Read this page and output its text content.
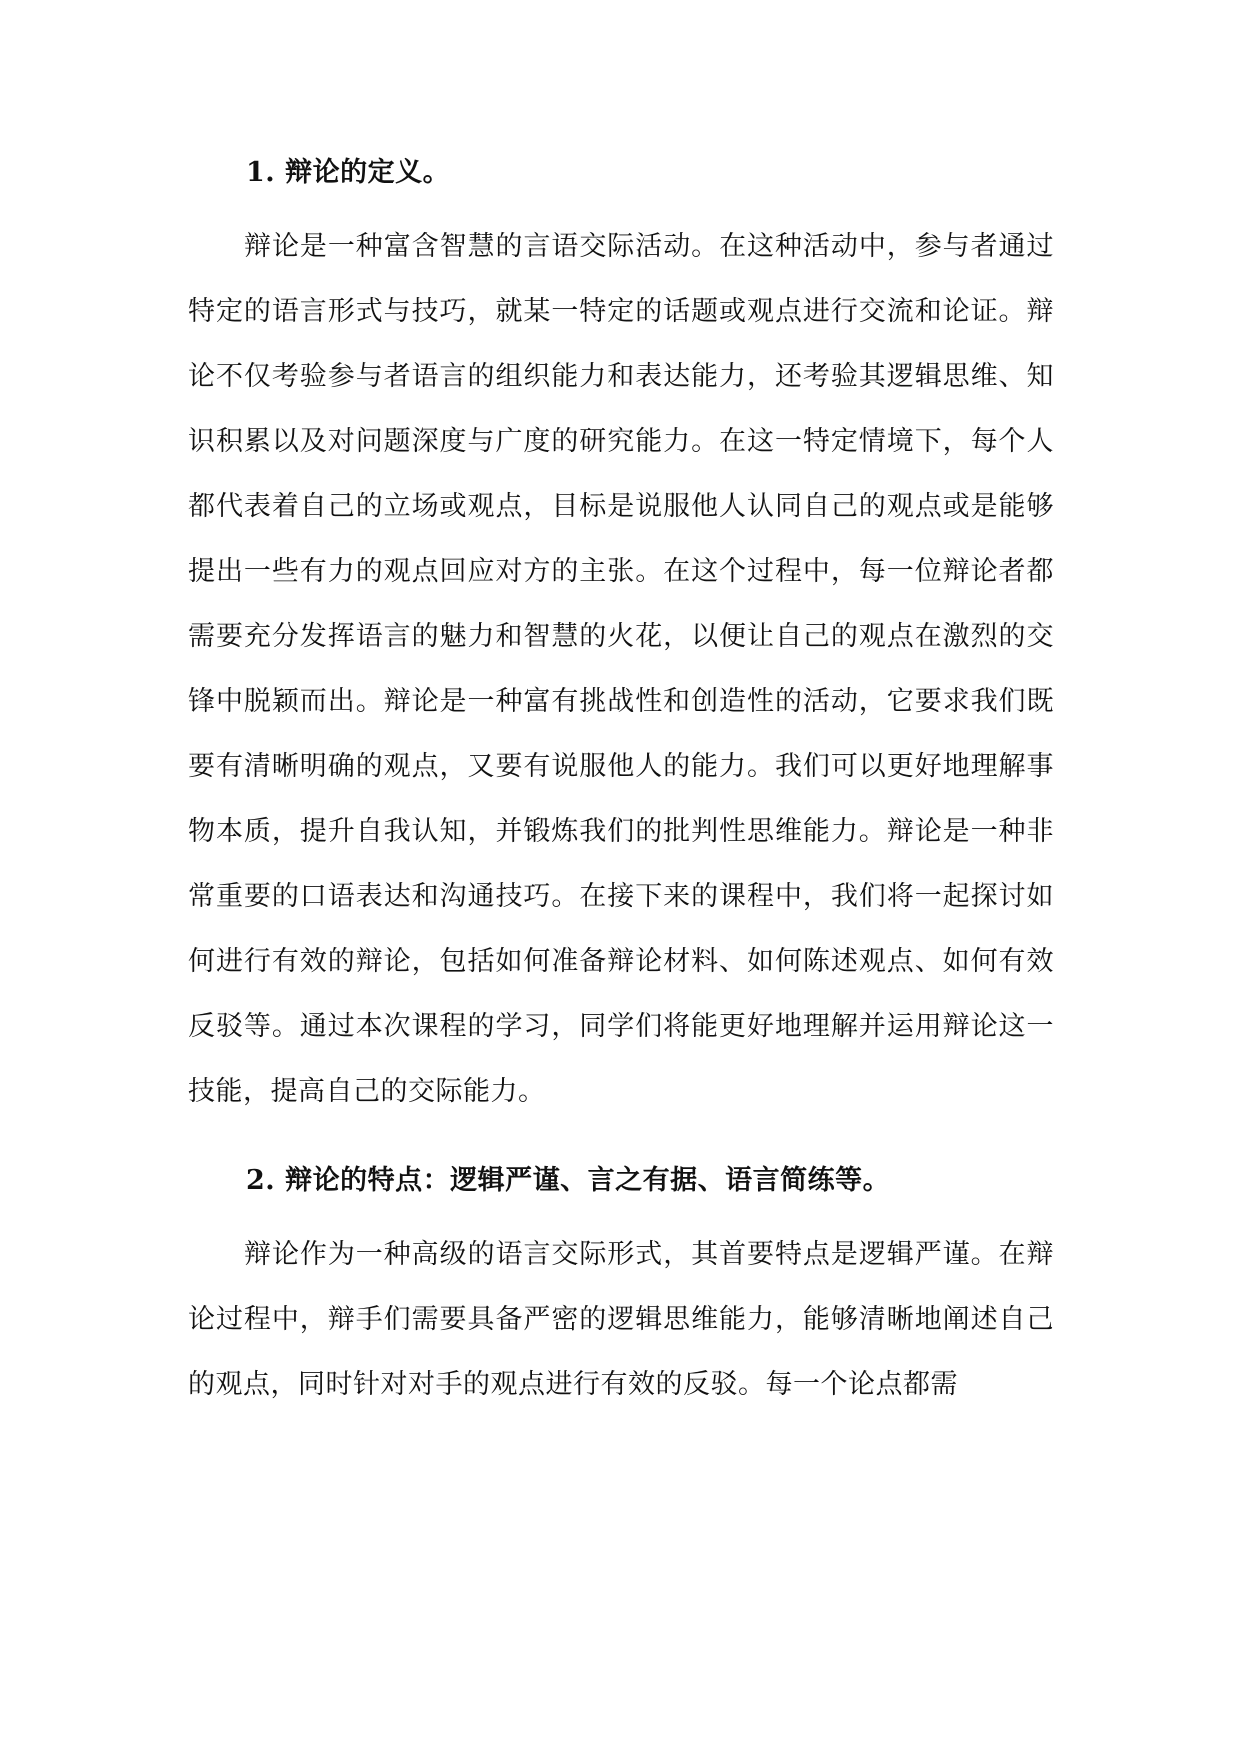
1. 辩论的定义。

辩论是一种富含智慧的言语交际活动。在这种活动中，参与者通过特定的语言形式与技巧，就某一特定的话题或观点进行交流和论证。辩论不仅考验参与者语言的组织能力和表达能力，还考验其逻辑思维、知识积累以及对问题深度与广度的研究能力。在这一特定情境下，每个人都代表着自己的立场或观点，目标是说服他人认同自己的观点或是能够提出一些有力的观点回应对方的主张。在这个过程中，每一位辩论者都需要充分发挥语言的魅力和智慧的火花，以便让自己的观点在激烈的交锋中脱颖而出。辩论是一种富有挑战性和创造性的活动，它要求我们既要有清晰明确的观点，又要有说服他人的能力。我们可以更好地理解事物本质，提升自我认知，并锻炼我们的批判性思维能力。辩论是一种非常重要的口语表达和沟通技巧。在接下来的课程中，我们将一起探讨如何进行有效的辩论，包括如何准备辩论材料、如何陈述观点、如何有效反驳等。通过本次课程的学习，同学们将能更好地理解并运用辩论这一技能，提高自己的交际能力。

2. 辩论的特点：逻辑严谨、言之有据、语言简练等。

辩论作为一种高级的语言交际形式，其首要特点是逻辑严谨。在辩论过程中，辩手们需要具备严密的逻辑思维能力，能够清晰地阐述自己的观点，同时针对对手的观点进行有效的反驳。每一个论点都需
